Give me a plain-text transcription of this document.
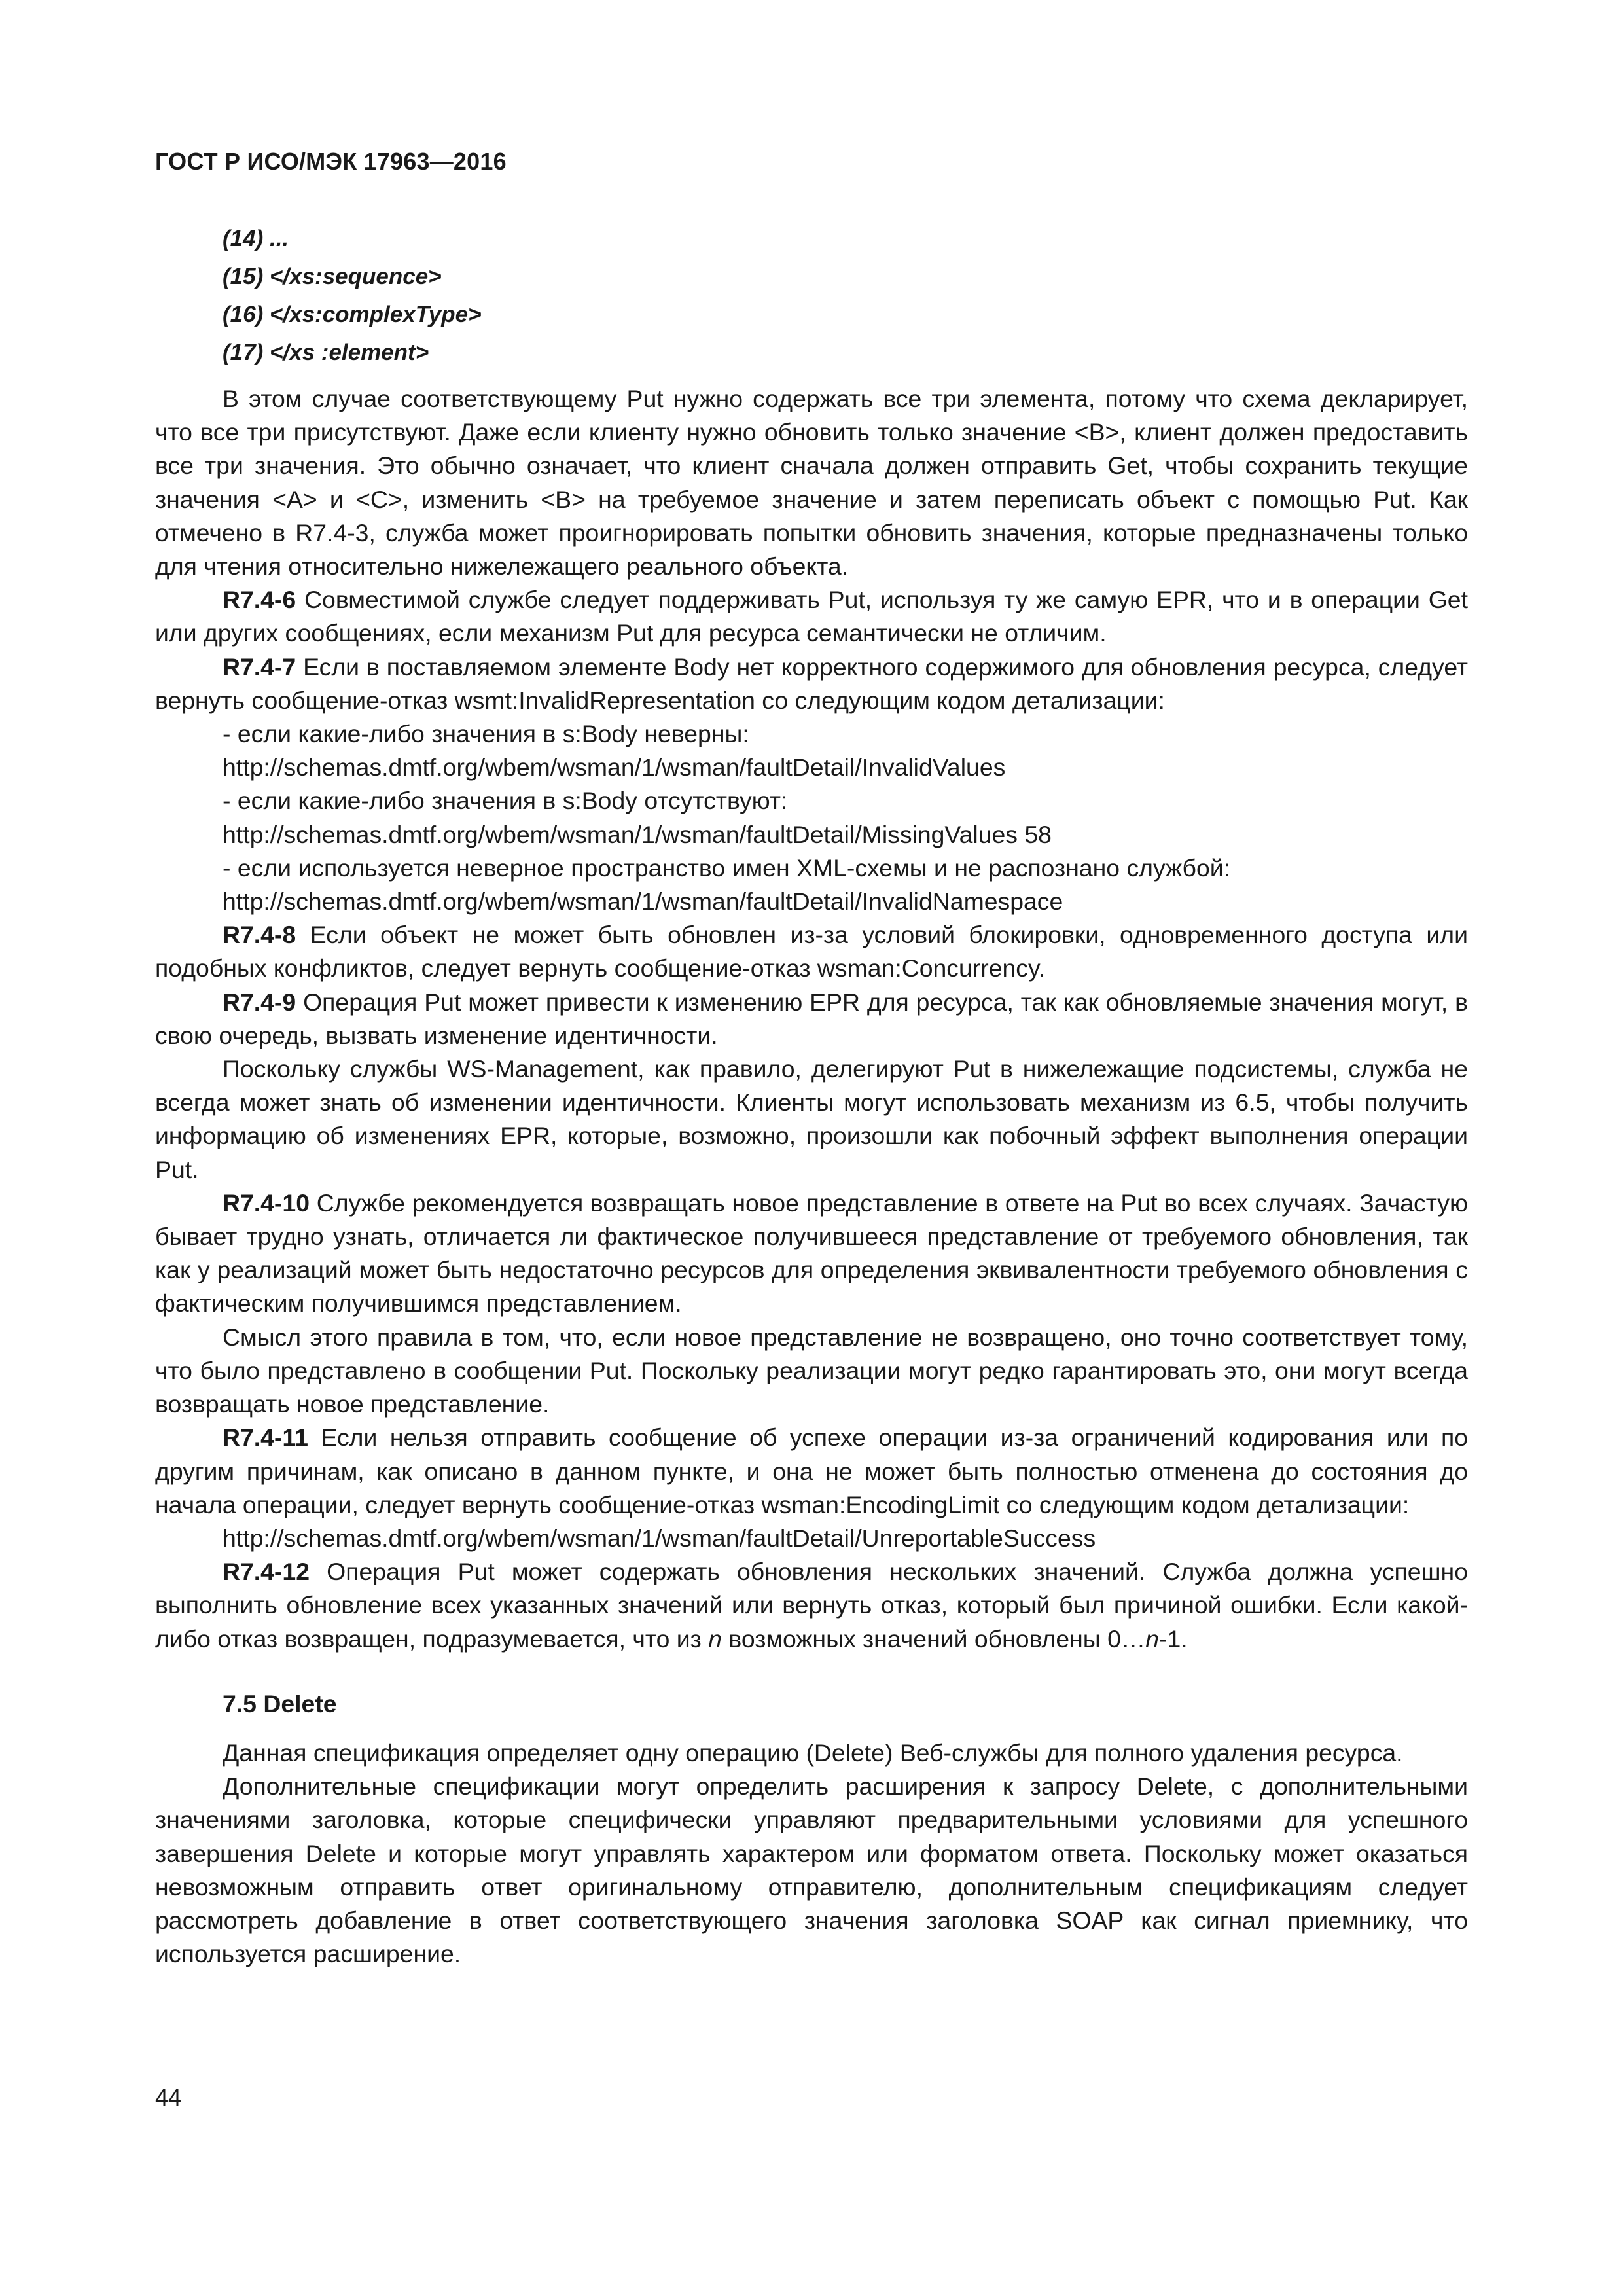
ГОСТ Р ИСО/МЭК 17963—2016
(14) ...
(15) </xs:sequence>
(16) </xs:complexType>
(17) </xs :element>

В этом случае соответствующему Put нужно содержать все три элемента, потому что схема декларирует, что все три присутствуют. Даже если клиенту нужно обновить только значение <B>, клиент должен предоставить все три значения. Это обычно означает, что клиент сначала должен отправить Get, чтобы сохранить текущие значения <A> и <C>, изменить <B> на требуемое значение и затем переписать объект с помощью Put. Как отмечено в R7.4-3, служба может проигнорировать попытки обновить значения, которые предназначены только для чтения относительно нижележащего реального объекта.

R7.4-6 Совместимой службе следует поддерживать Put, используя ту же самую EPR, что и в операции Get или других сообщениях, если механизм Put для ресурса семантически не отличим.

R7.4-7 Если в поставляемом элементе Body нет корректного содержимого для обновления ресурса, следует вернуть сообщение-отказ wsmt:InvalidRepresentation со следующим кодом детализации:

- если какие-либо значения в s:Body неверны:
http://schemas.dmtf.org/wbem/wsman/1/wsman/faultDetail/InvalidValues
- если какие-либо значения в s:Body отсутствуют:
http://schemas.dmtf.org/wbem/wsman/1/wsman/faultDetail/MissingValues 58
- если используется неверное пространство имен XML-схемы и не распознано службой:
http://schemas.dmtf.org/wbem/wsman/1/wsman/faultDetail/InvalidNamespace

R7.4-8 Если объект не может быть обновлен из-за условий блокировки, одновременного доступа или подобных конфликтов, следует вернуть сообщение-отказ wsman:Concurrency.

R7.4-9 Операция Put может привести к изменению EPR для ресурса, так как обновляемые значения могут, в свою очередь, вызвать изменение идентичности.

Поскольку службы WS-Management, как правило, делегируют Put в нижележащие подсистемы, служба не всегда может знать об изменении идентичности. Клиенты могут использовать механизм из 6.5, чтобы получить информацию об изменениях EPR, которые, возможно, произошли как побочный эффект выполнения операции Put.

R7.4-10 Службе рекомендуется возвращать новое представление в ответе на Put во всех случаях. Зачастую бывает трудно узнать, отличается ли фактическое получившееся представление от требуемого обновления, так как у реализаций может быть недостаточно ресурсов для определения эквивалентности требуемого обновления с фактическим получившимся представлением.

Смысл этого правила в том, что, если новое представление не возвращено, оно точно соответствует тому, что было представлено в сообщении Put. Поскольку реализации могут редко гарантировать это, они могут всегда возвращать новое представление.

R7.4-11 Если нельзя отправить сообщение об успехе операции из-за ограничений кодирования или по другим причинам, как описано в данном пункте, и она не может быть полностью отменена до состояния до начала операции, следует вернуть сообщение-отказ wsman:EncodingLimit со следующим кодом детализации:

http://schemas.dmtf.org/wbem/wsman/1/wsman/faultDetail/UnreportableSuccess

R7.4-12 Операция Put может содержать обновления нескольких значений. Служба должна успешно выполнить обновление всех указанных значений или вернуть отказ, который был причиной ошибки. Если какой-либо отказ возвращен, подразумевается, что из n возможных значений обновлены 0…n-1.

7.5 Delete

Данная спецификация определяет одну операцию (Delete) Веб-службы для полного удаления ресурса.

Дополнительные спецификации могут определить расширения к запросу Delete, с дополнительными значениями заголовка, которые специфически управляют предварительными условиями для успешного завершения Delete и которые могут управлять характером или форматом ответа. Поскольку может оказаться невозможным отправить ответ оригинальному отправителю, дополнительным спецификациям следует рассмотреть добавление в ответ соответствующего значения заголовка SOAP как сигнал приемнику, что используется расширение.

44
